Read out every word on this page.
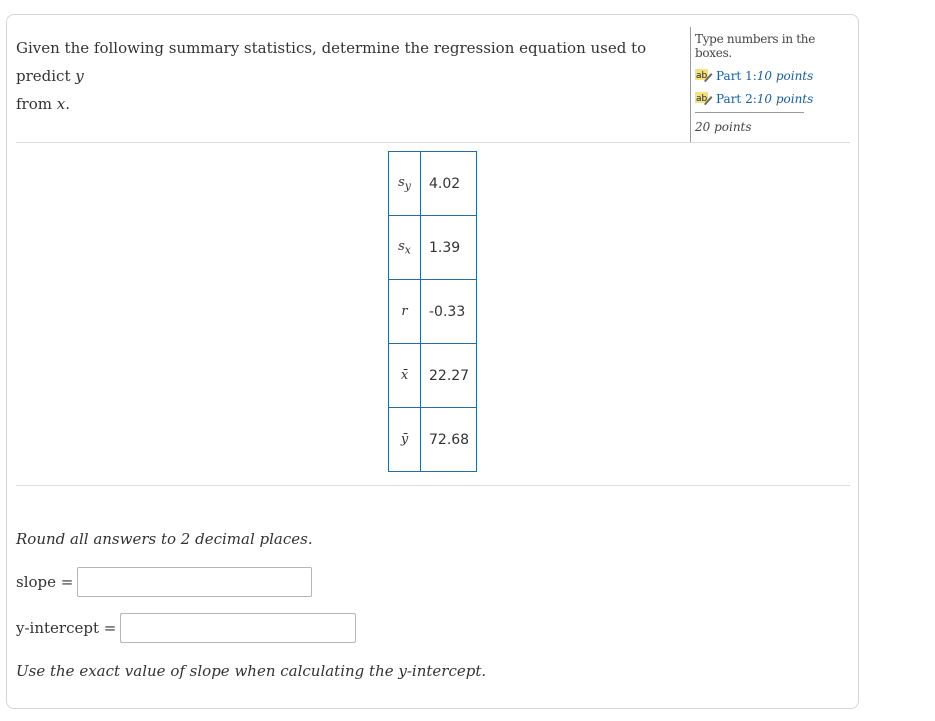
Given the following summary statistics, determine the regression equation used to predict y
from x.
Type numbers in the boxes.
ab Part 1: 10 points
ab Part 2: 10 points
20 points
$s_y$	4.02
$s_x$	1.39
r	-0.33
x̄	22.27
ȳ	72.68
Round all answers to 2 decimal places.
slope =
y-intercept =
Use the exact value of slope when calculating the y-intercept.
